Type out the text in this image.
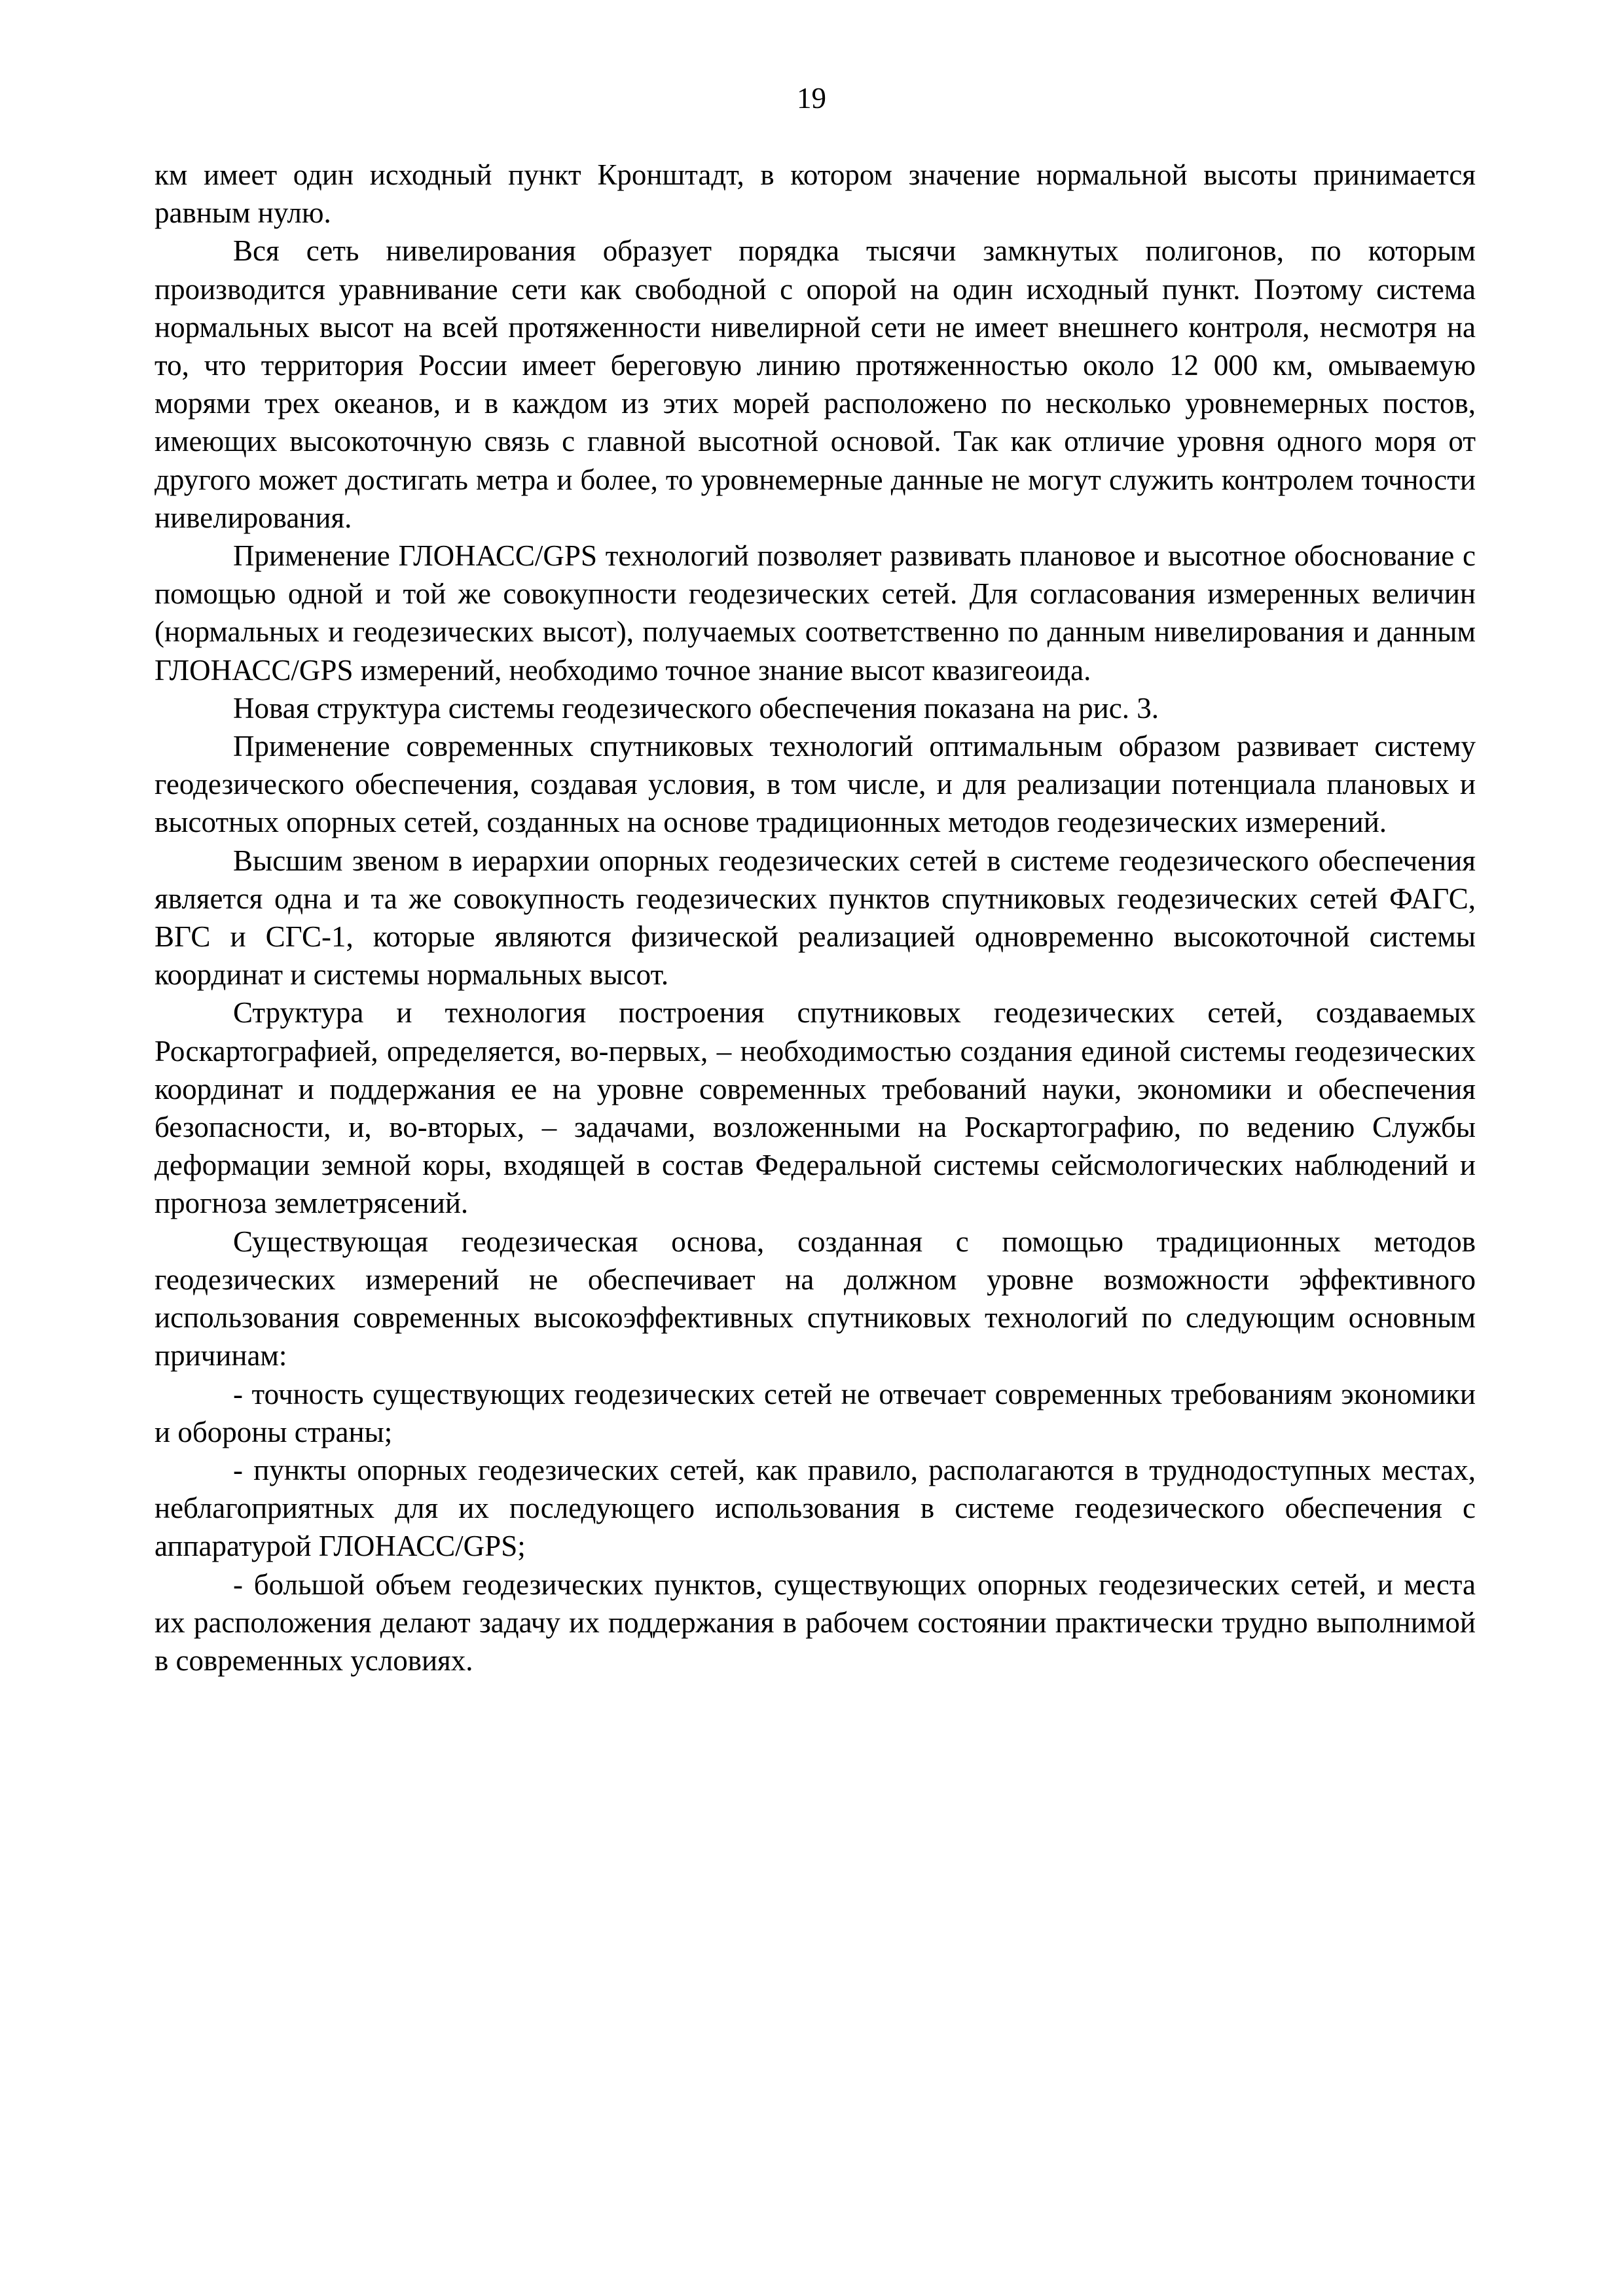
19

км имеет один исходный пункт Кронштадт, в котором значение нормальной высоты принимается равным нулю.

Вся сеть нивелирования образует порядка тысячи замкнутых полигонов, по которым производится уравнивание сети как свободной с опорой на один исходный пункт. Поэтому система нормальных высот на всей протяженности нивелирной сети не имеет внешнего контроля, несмотря на то, что территория России имеет береговую линию протяженностью около 12 000 км, омываемую морями трех океанов, и в каждом из этих морей расположено по несколько уровнемерных постов, имеющих высокоточную связь с главной высотной основой. Так как отличие уровня одного моря от другого может достигать метра и более, то уровнемерные данные не могут служить контролем точности нивелирования.

Применение ГЛОНАСС/GPS технологий позволяет развивать плановое и высотное обоснование с помощью одной и той же совокупности геодезических сетей. Для согласования измеренных величин (нормальных и геодезических высот), получаемых соответственно по данным нивелирования и данным ГЛОНАСС/GPS измерений, необходимо точное знание высот квазигеоида.

Новая структура системы геодезического обеспечения показана на рис. 3.

Применение современных спутниковых технологий оптимальным образом развивает систему геодезического обеспечения, создавая условия, в том числе, и для реализации потенциала плановых и высотных опорных сетей, созданных на основе традиционных методов геодезических измерений.

Высшим звеном в иерархии опорных геодезических сетей в системе геодезического обеспечения является одна и та же совокупность геодезических пунктов спутниковых геодезических сетей ФАГС, ВГС и СГС-1, которые являются физической реализацией одновременно высокоточной системы координат и системы нормальных высот.

Структура и технология построения спутниковых геодезических сетей, создаваемых Роскартографией, определяется, во-первых, – необходимостью создания единой системы геодезических координат и поддержания ее на уровне современных требований науки, экономики и обеспечения безопасности, и, во-вторых, – задачами, возложенными на Роскартографию, по ведению Службы деформации земной коры, входящей в состав Федеральной системы сейсмологических наблюдений и прогноза землетрясений.

Существующая геодезическая основа, созданная с помощью традиционных методов геодезических измерений не обеспечивает на должном уровне возможности эффективного использования современных высокоэффективных спутниковых технологий по следующим основным причинам:

- точность существующих геодезических сетей не отвечает современных требованиям экономики и обороны страны;

- пункты опорных геодезических сетей, как правило, располагаются в труднодоступных местах, неблагоприятных для их последующего использования в системе геодезического обеспечения с аппаратурой ГЛОНАСС/GPS;

- большой объем геодезических пунктов, существующих опорных геодезических сетей, и места их расположения делают задачу их поддержания в рабочем состоянии практически трудно выполнимой в современных условиях.
